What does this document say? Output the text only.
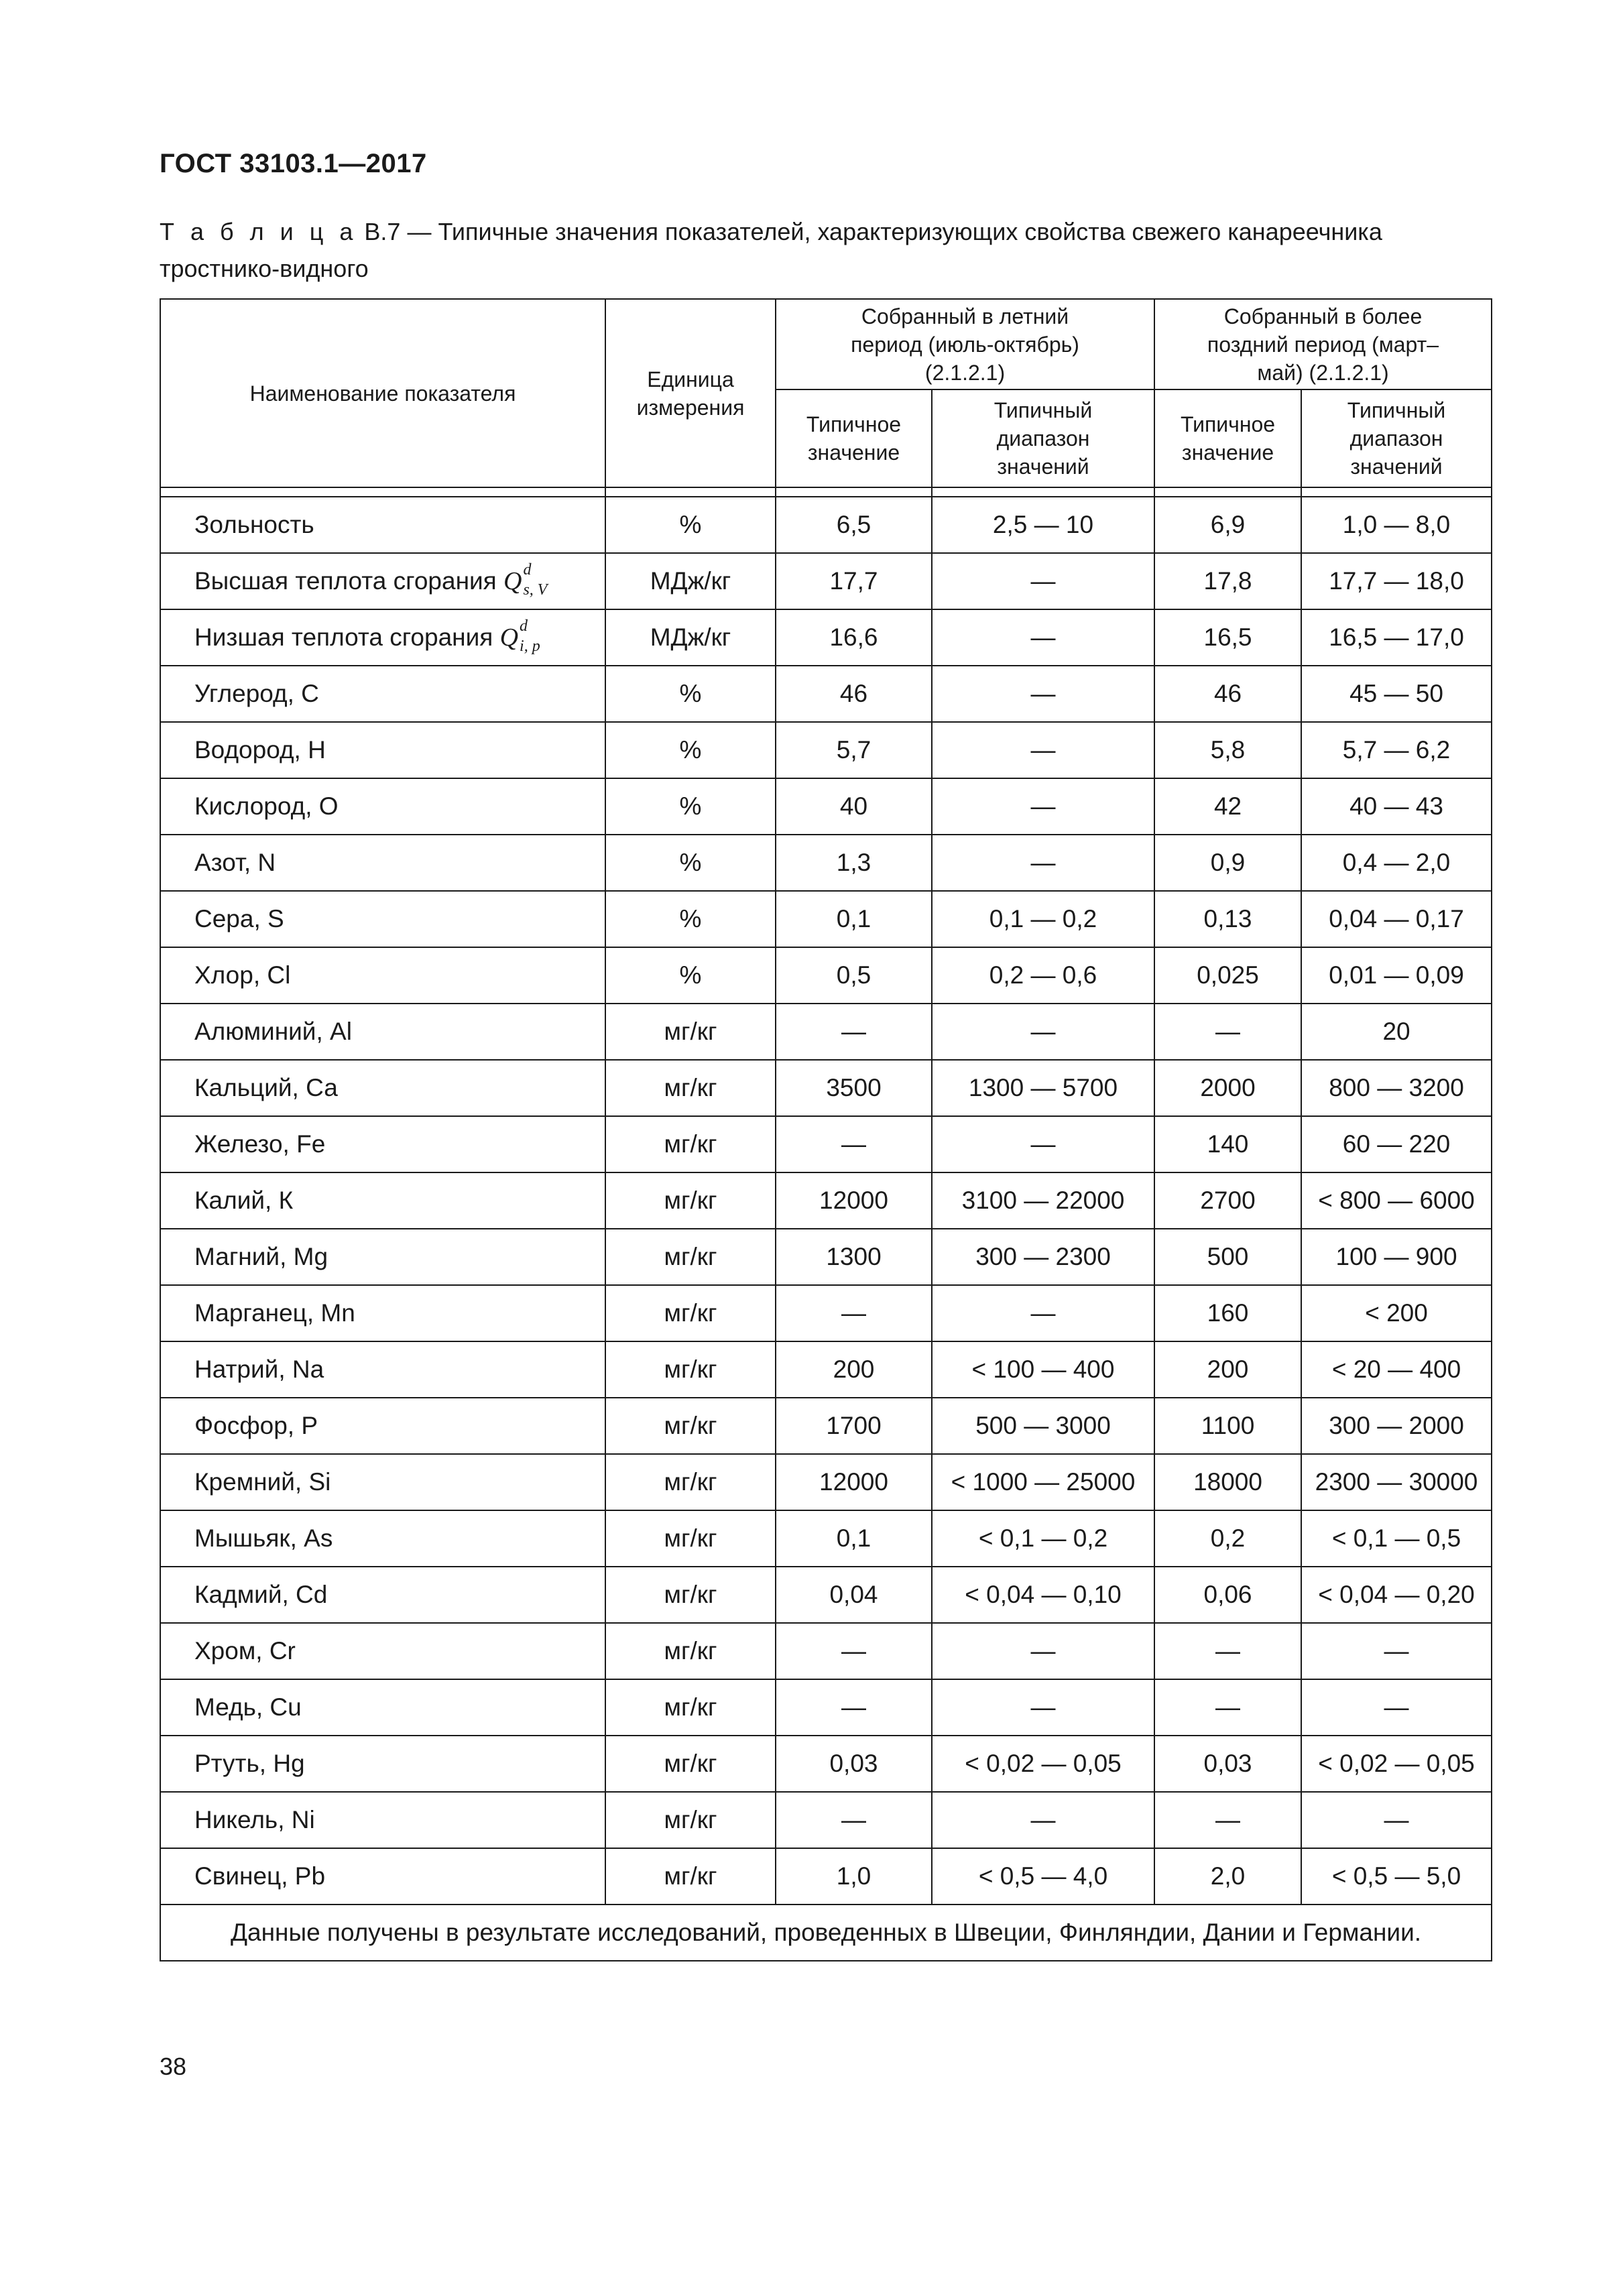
ГОСТ 33103.1—2017
Т а б л и ц а B.7 — Типичные значения показателей, характеризующих свойства свежего канареечника тростнико-видного
Наименование показателя	Единица измерения	Собранный в летний период (июль-октябрь) (2.1.2.1)		Собранный в более поздний период (март–май) (2.1.2.1)	
		Типичное значение	Типичный диапазон значений	Типичное значение	Типичный диапазон значений

Зольность	%	6,5	2,5 — 10	6,9	1,0 — 8,0
Высшая теплота сгорания Q d
s, V	МДж/кг	17,7	—	17,8	17,7 — 18,0
Низшая теплота сгорания Q d
i, p	МДж/кг	16,6	—	16,5	16,5 — 17,0
Углерод, С	%	46	—	46	45 — 50
Водород, Н	%	5,7	—	5,8	5,7 — 6,2
Кислород, О	%	40	—	42	40 — 43
Азот, N	%	1,3	—	0,9	0,4 — 2,0
Сера, S	%	0,1	0,1 — 0,2	0,13	0,04 — 0,17
Хлор, Cl	%	0,5	0,2 — 0,6	0,025	0,01 — 0,09
Алюминий, Al	мг/кг	—	—	—	20
Кальций, Са	мг/кг	3500	1300 — 5700	2000	800 — 3200
Железо, Fe	мг/кг	—	—	140	60 — 220
Калий, К	мг/кг	12000	3100 — 22000	2700	< 800 — 6000
Магний, Mg	мг/кг	1300	300 — 2300	500	100 — 900
Марганец, Mn	мг/кг	—	—	160	< 200
Натрий, Na	мг/кг	200	< 100 — 400	200	< 20 — 400
Фосфор, Р	мг/кг	1700	500 — 3000	1100	300 — 2000
Кремний, Si	мг/кг	12000	< 1000 — 25000	18000	2300 — 30000
Мышьяк, As	мг/кг	0,1	< 0,1 — 0,2	0,2	< 0,1 — 0,5
Кадмий, Cd	мг/кг	0,04	< 0,04 — 0,10	0,06	< 0,04 — 0,20
Хром, Cr	мг/кг	—	—	—	—
Медь, Cu	мг/кг	—	—	—	—
Ртуть, Hg	мг/кг	0,03	< 0,02 — 0,05	0,03	< 0,02 — 0,05
Никель, Ni	мг/кг	—	—	—	—
Свинец, Pb	мг/кг	1,0	< 0,5 — 4,0	2,0	< 0,5 — 5,0
Данные получены в результате исследований, проведенных в Швеции, Финляндии, Дании и Германии.					
38
